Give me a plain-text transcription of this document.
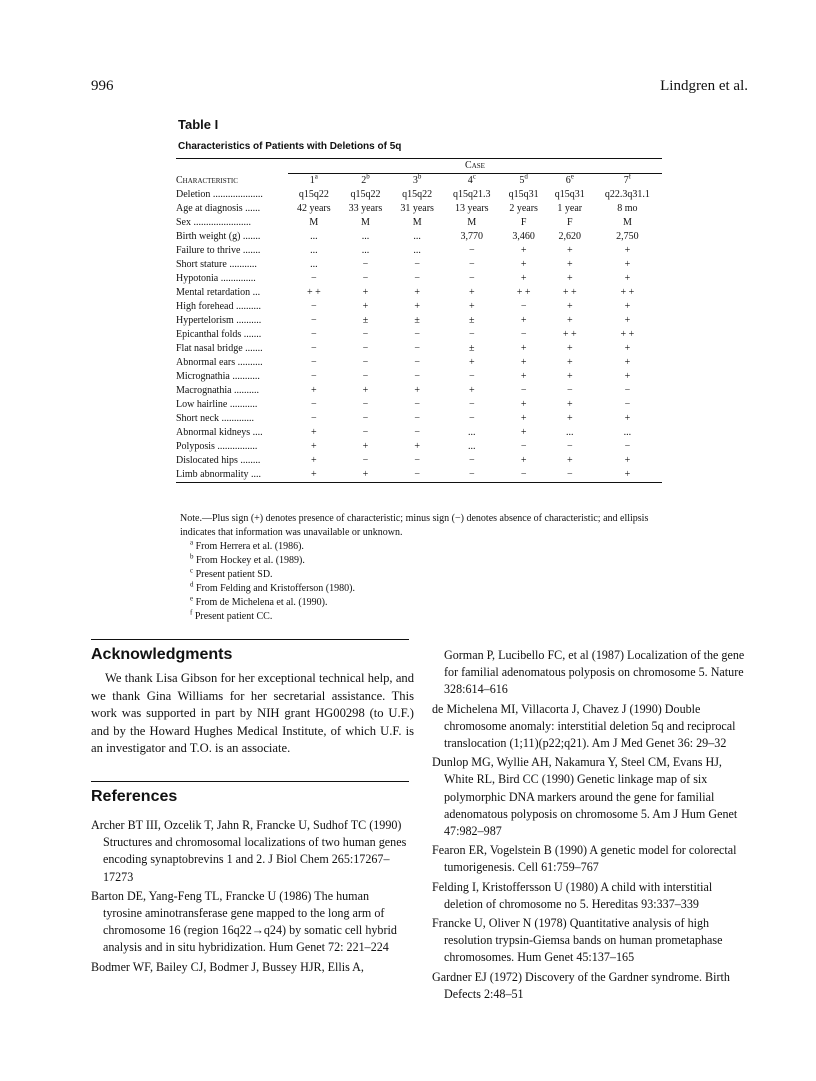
996	Lindgren et al.
Table I
Characteristics of Patients with Deletions of 5q
	Case
Characteristic	1$^a$	2$^b$	3$^b$	4$^c$	5$^d$	6e	7$^f$
Deletion ....................	q15q22	q15q22	q15q22	q15q21.3	q15q31	q15q31	q22.3q31.1
Age at diagnosis ......	42 years	33 years	31 years	13 years	2 years	1 year	8 mo
Sex .......................	M	M	M	M	F	F	M
Birth weight (g) .......	...	...	...	3,770	3,460	2,620	2,750
Failure to thrive .......	...	...	...	−	+	+	+
Short stature ...........	...	−	−	−	+	+	+
Hypotonia ..............	−	−	−	−	+	+	+
Mental retardation ...	+ +	+	+	+	+ +	+ +	+ +
High forehead ..........	−	+	+	+	−	+	+
Hypertelorism ..........	−	±	±	±	+	+	+
Epicanthal folds .......	−	−	−	−	−	+ +	+ +
Flat nasal bridge .......	−	−	−	±	+	+	+
Abnormal ears ..........	−	−	−	+	+	+	+
Micrognathia ...........	−	−	−	−	+	+	+
Macrognathia ..........	+	+	+	+	−	−	−
Low hairline ...........	−	−	−	−	+	+	−
Short neck .............	−	−	−	−	+	+	+
Abnormal kidneys ....	+	−	−	...	+	...	...
Polyposis ................	+	+	+	...	−	−	−
Dislocated hips ........	+	−	−	−	+	+	+
Limb abnormality ....	+	+	−	−	−	−	+

Note.—Plus sign (+) denotes presence of characteristic; minus sign (−) denotes absence of characteristic; and ellipsis indicates that information was unavailable or unknown.

$^a$ From Herrera et al. (1986).

$^b$ From Hockey et al. (1989).

$^c$ Present patient SD.

$^d$ From Felding and Kristofferson (1980).

$^e$ From de Michelena et al. (1990).

$^f$ Present patient CC.

Acknowledgments

We thank Lisa Gibson for her exceptional technical help, and we thank Gina Williams for her secretarial assistance. This work was supported in part by NIH grant HG00298 (to U.F.) and by the Howard Hughes Medical Institute, of which U.F. is an investigator and T.O. is an associate.

References

Archer BT III, Ozcelik T, Jahn R, Francke U, Sudhof TC (1990) Structures and chromosomal localizations of two human genes encoding synaptobrevins 1 and 2. J Biol Chem 265:17267–17273

Barton DE, Yang-Feng TL, Francke U (1986) The human tyrosine aminotransferase gene mapped to the long arm of chromosome 16 (region 16q22→q24) by somatic cell hybrid analysis and in situ hybridization. Hum Genet 72: 221–224

Bodmer WF, Bailey CJ, Bodmer J, Bussey HJR, Ellis A,

Gorman P, Lucibello FC, et al (1987) Localization of the gene for familial adenomatous polyposis on chromosome 5. Nature 328:614–616

de Michelena MI, Villacorta J, Chavez J (1990) Double chromosome anomaly: interstitial deletion 5q and reciprocal translocation (1;11)(p22;q21). Am J Med Genet 36: 29–32

Dunlop MG, Wyllie AH, Nakamura Y, Steel CM, Evans HJ, White RL, Bird CC (1990) Genetic linkage map of six polymorphic DNA markers around the gene for familial adenomatous polyposis on chromosome 5. Am J Hum Genet 47:982–987

Fearon ER, Vogelstein B (1990) A genetic model for colorectal tumorigenesis. Cell 61:759–767

Felding I, Kristoffersson U (1980) A child with interstitial deletion of chromosome no 5. Hereditas 93:337–339

Francke U, Oliver N (1978) Quantitative analysis of high resolution trypsin-Giemsa bands on human prometaphase chromosomes. Hum Genet 45:137–165

Gardner EJ (1972) Discovery of the Gardner syndrome. Birth Defects 2:48–51
